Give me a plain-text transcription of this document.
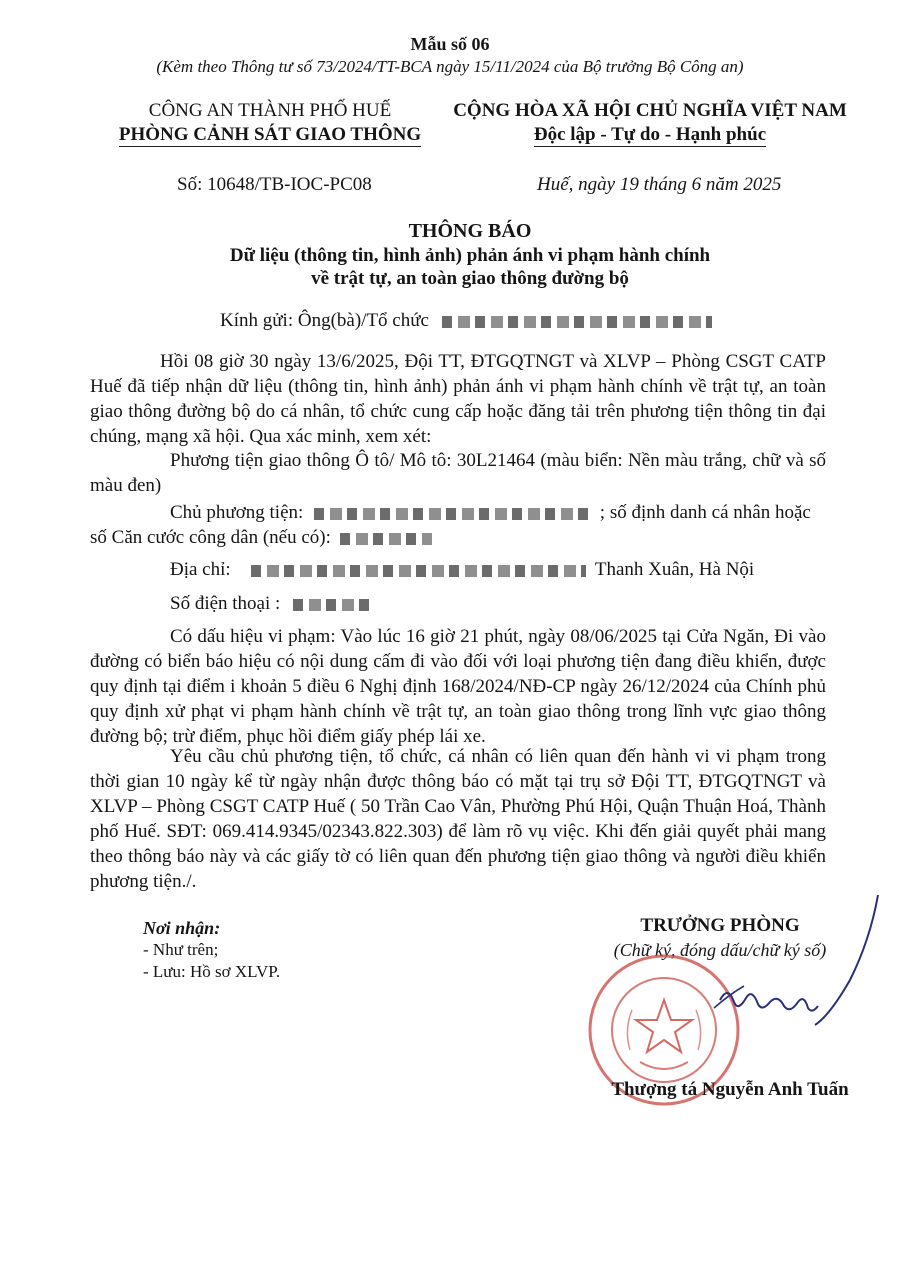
Mẫu số 06
(Kèm theo Thông tư số 73/2024/TT-BCA ngày 15/11/2024 của Bộ trưởng Bộ Công an)
CÔNG AN THÀNH PHỐ HUẾ
PHÒNG CẢNH SÁT GIAO THÔNG
CỘNG HÒA XÃ HỘI CHỦ NGHĨA VIỆT NAM
Độc lập - Tự do - Hạnh phúc
Số: 10648/TB-IOC-PC08	Huế, ngày 19 tháng 6 năm 2025
THÔNG BÁO
Dữ liệu (thông tin, hình ảnh) phản ánh vi phạm hành chính
về trật tự, an toàn giao thông đường bộ
Kính gửi: Ông(bà)/Tổ chức
Hồi 08 giờ 30 ngày 13/6/2025, Đội TT, ĐTGQTNGT và XLVP – Phòng CSGT CATP Huế đã tiếp nhận dữ liệu (thông tin, hình ảnh) phản ánh vi phạm hành chính về trật tự, an toàn giao thông đường bộ do cá nhân, tổ chức cung cấp hoặc đăng tải trên phương tiện thông tin đại chúng, mạng xã hội. Qua xác minh, xem xét:
Phương tiện giao thông Ô tô/ Mô tô: 30L21464 (màu biển: Nền màu trắng, chữ và số màu đen)
Chủ phương tiện:	; số định danh cá nhân hoặc
số Căn cước công dân (nếu có):
Địa chỉ:	Thanh Xuân, Hà Nội
Số điện thoại :
Có dấu hiệu vi phạm: Vào lúc 16 giờ 21 phút, ngày 08/06/2025 tại Cửa Ngăn, Đi vào đường có biển báo hiệu có nội dung cấm đi vào đối với loại phương tiện đang điều khiển, được quy định tại điểm i khoản 5 điều 6 Nghị định 168/2024/NĐ-CP ngày 26/12/2024 của Chính phủ quy định xử phạt vi phạm hành chính về trật tự, an toàn giao thông trong lĩnh vực giao thông đường bộ; trừ điểm, phục hồi điểm giấy phép lái xe.
Yêu cầu chủ phương tiện, tổ chức, cá nhân có liên quan đến hành vi vi phạm trong thời gian 10 ngày kể từ ngày nhận được thông báo có mặt tại trụ sở Đội TT, ĐTGQTNGT và XLVP – Phòng CSGT CATP Huế ( 50 Trần Cao Vân, Phường Phú Hội, Quận Thuận Hoá, Thành phố Huế. SĐT: 069.414.9345/02343.822.303) để làm rõ vụ việc. Khi đến giải quyết phải mang theo thông báo này và các giấy tờ có liên quan đến phương tiện giao thông và người điều khiển phương tiện./.
Nơi nhận:
- Như trên;
- Lưu: Hồ sơ XLVP.
TRƯỞNG PHÒNG
(Chữ ký, đóng dấu/chữ ký số)
Thượng tá Nguyễn Anh Tuấn
